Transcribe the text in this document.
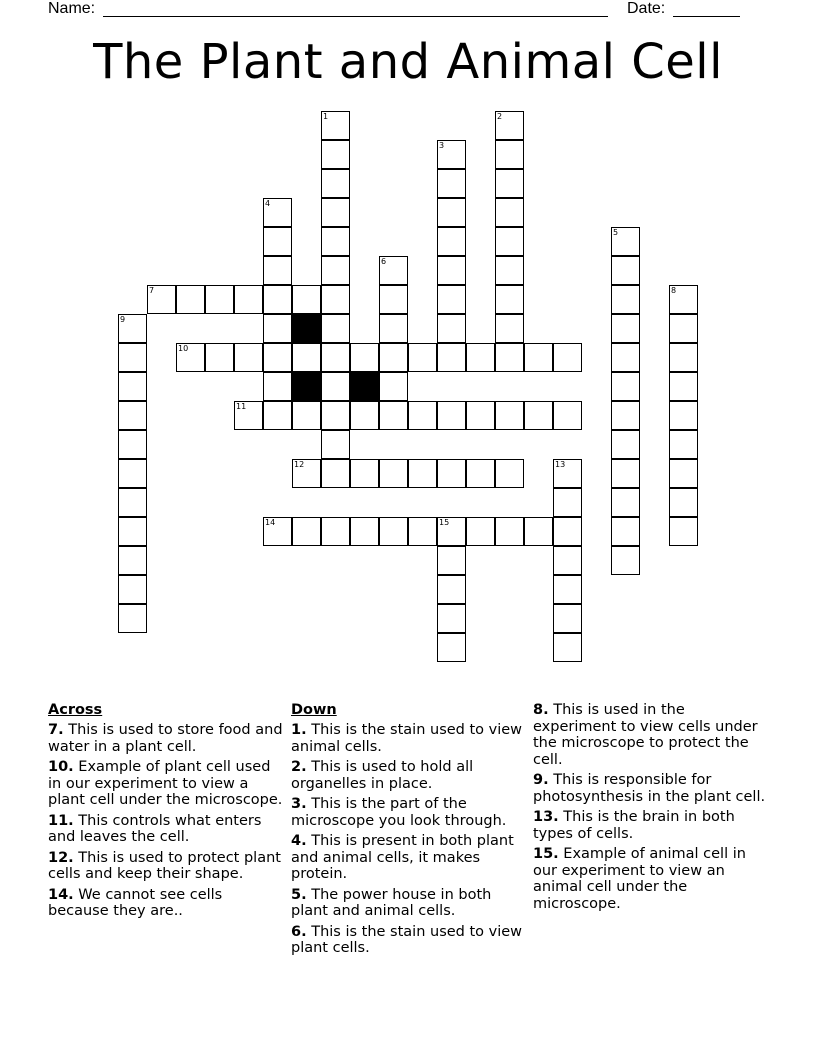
Name:	Date:
The Plant and Animal Cell
1	2
3
4
5
6
7	8
9
10
11
12	13
14	15
Across
7. This is used to store food and water in a plant cell.
10. Example of plant cell used in our experiment to view a plant cell under the microscope.
11. This controls what enters and leaves the cell.
12. This is used to protect plant cells and keep their shape.
14. We cannot see cells because they are..
Down
1. This is the stain used to view animal cells.
2. This is used to hold all organelles in place.
3. This is the part of the microscope you look through.
4. This is present in both plant and animal cells, it makes protein.
5. The power house in both plant and animal cells.
6. This is the stain used to view plant cells.
8. This is used in the experiment to view cells under the microscope to protect the cell.
9. This is responsible for photosynthesis in the plant cell.
13. This is the brain in both types of cells.
15. Example of animal cell in our experiment to view an animal cell under the microscope.
